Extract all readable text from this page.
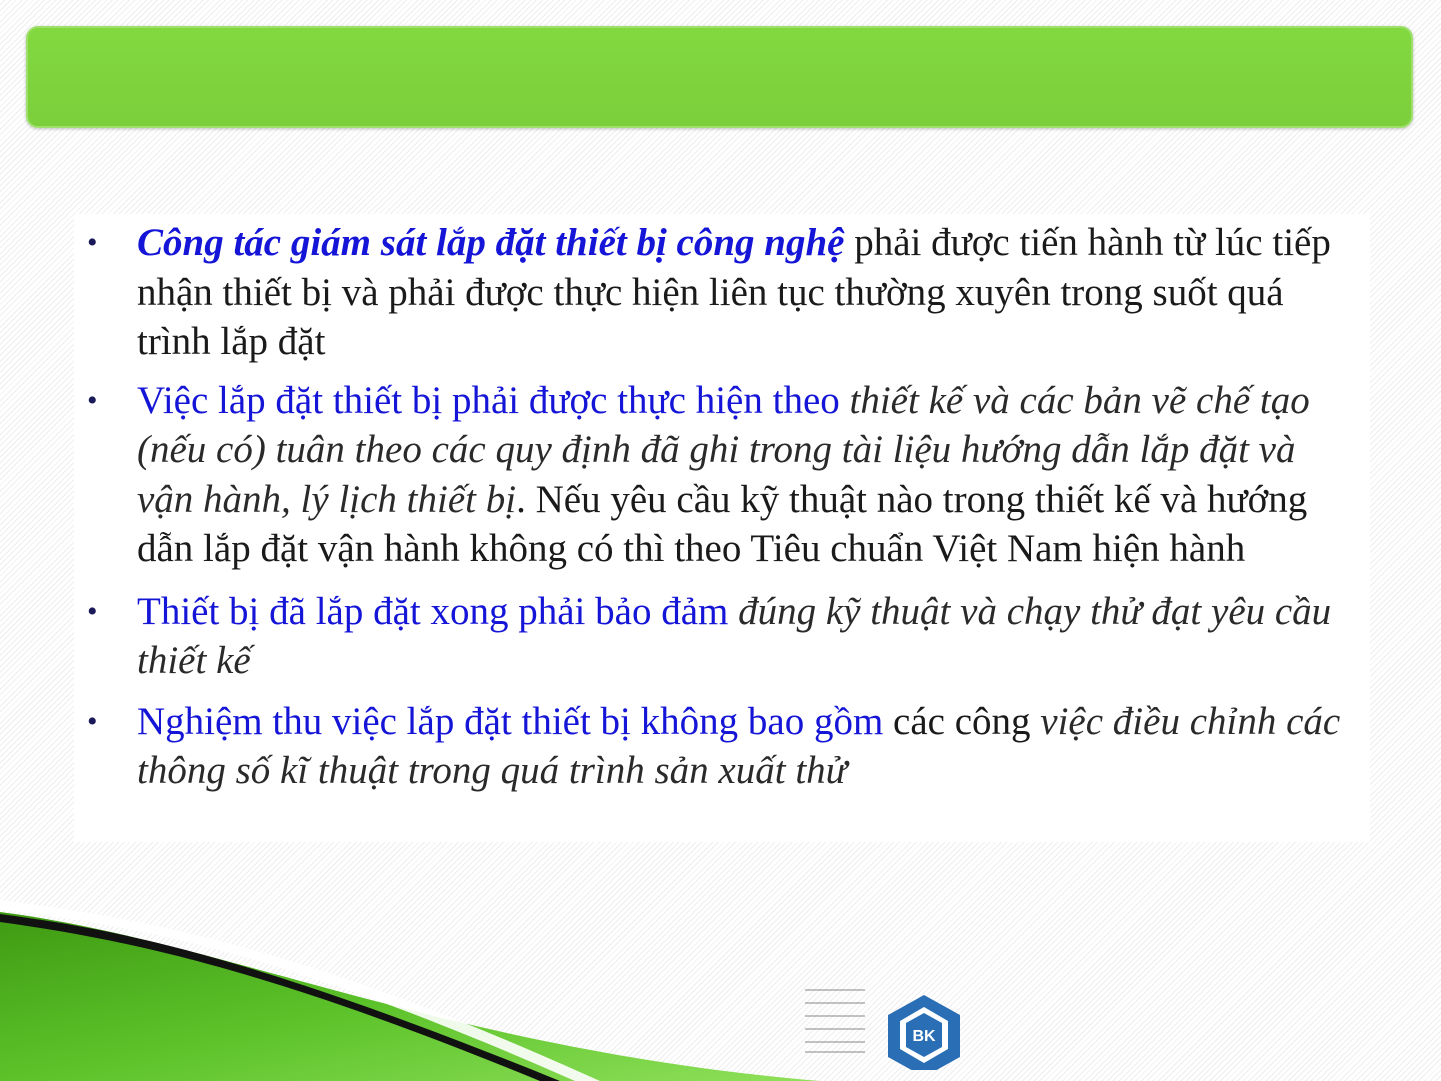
• Công tác giám sát lắp đặt thiết bị công nghệ phải được tiến hành từ lúc tiếp nhận thiết bị và phải được thực hiện liên tục thường xuyên trong suốt quá trình lắp đặt
• Việc lắp đặt thiết bị phải được thực hiện theo thiết kế và các bản vẽ chế tạo (nếu có) tuân theo các quy định đã ghi trong tài liệu hướng dẫn lắp đặt và vận hành, lý lịch thiết bị. Nếu yêu cầu kỹ thuật nào trong thiết kế và hướng dẫn lắp đặt vận hành không có thì theo Tiêu chuẩn Việt Nam hiện hành
• Thiết bị đã lắp đặt xong phải bảo đảm đúng kỹ thuật và chạy thử đạt yêu cầu thiết kế
• Nghiệm thu việc lắp đặt thiết bị không bao gồm các công việc điều chỉnh các thông số kĩ thuật trong quá trình sản xuất thử
BK
